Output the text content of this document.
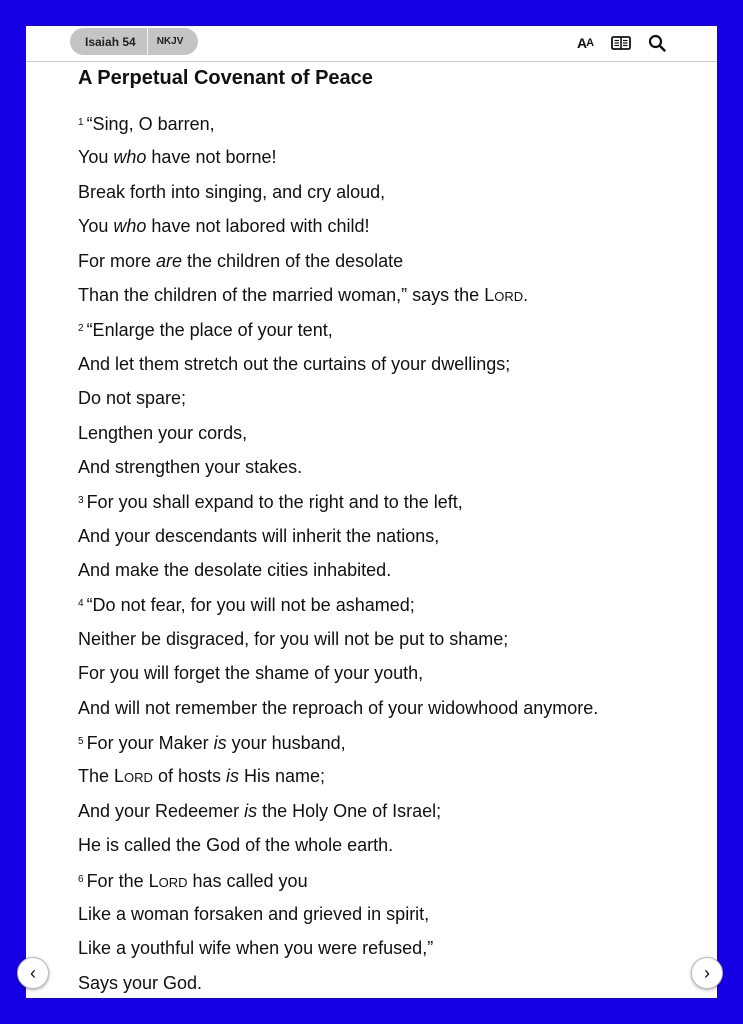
Isaiah 54	NKJV	A A
A Perpetual Covenant of Peace

$^1$ “Sing, O barren,

You who have not borne!

Break forth into singing, and cry aloud,

You who have not labored with child!

For more are the children of the desolate

Than the children of the married woman,” says the Lord.

$^2$ “Enlarge the place of your tent,

And let them stretch out the curtains of your dwellings;

Do not spare;

Lengthen your cords,

And strengthen your stakes.

$^3$ For you shall expand to the right and to the left,

And your descendants will inherit the nations,

And make the desolate cities inhabited.

$^4$ “Do not fear, for you will not be ashamed;

Neither be disgraced, for you will not be put to shame;

For you will forget the shame of your youth,

And will not remember the reproach of your widowhood anymore.

$^5$ For your Maker is your husband,

The Lord of hosts is His name;

And your Redeemer is the Holy One of Israel;

He is called the God of the whole earth.

$^6$ For the Lord has called you

Like a woman forsaken and grieved in spirit,

Like a youthful wife when you were refused,”

Says your God.

‹	›
